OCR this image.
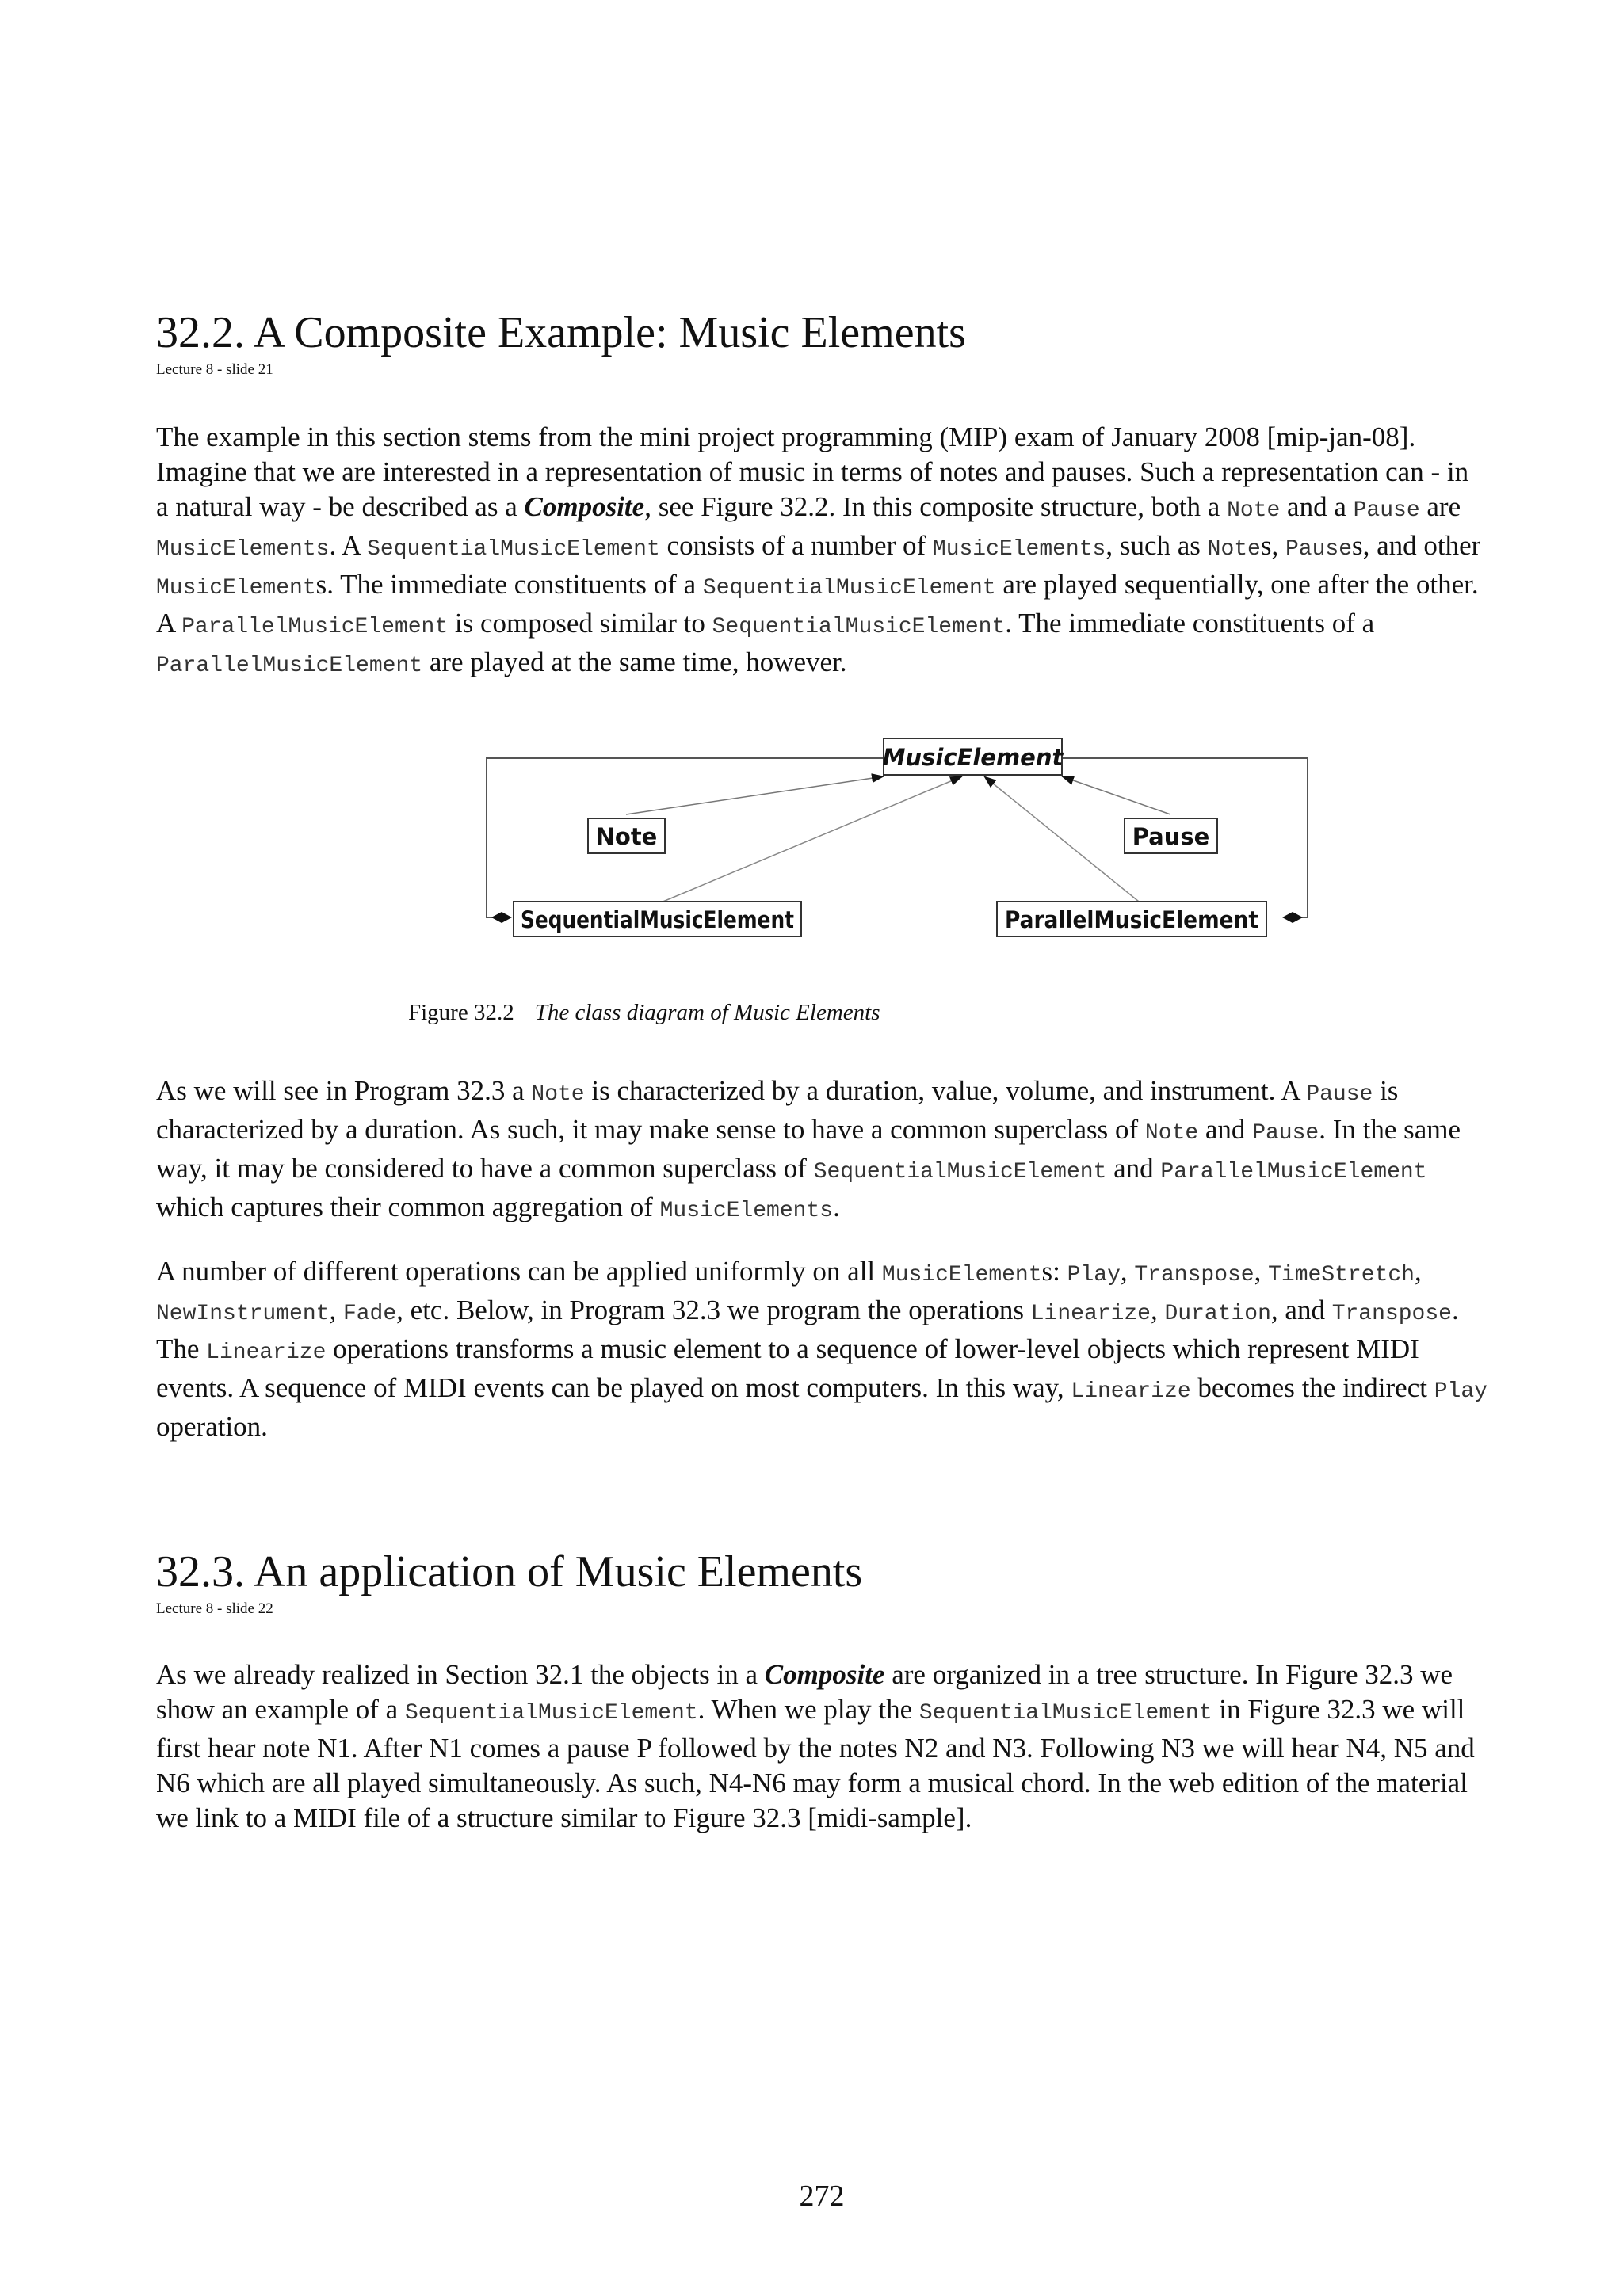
32.2. A Composite Example: Music Elements
Lecture 8 - slide 21

The example in this section stems from the mini project programming (MIP) exam of January 2008 [mip-jan-08]. Imagine that we are interested in a representation of music in terms of notes and pauses. Such a representation can - in a natural way - be described as a Composite, see Figure 32.2. In this composite structure, both a Note and a Pause are MusicElements. A SequentialMusicElement consists of a number of MusicElements, such as Notes, Pauses, and other MusicElements. The immediate constituents of a SequentialMusicElement are played sequentially, one after the other. A ParallelMusicElement is composed similar to SequentialMusicElement. The immediate constituents of a ParallelMusicElement are played at the same time, however.

MusicElement
Note	Pause
SequentialMusicElement	ParallelMusicElement
Figure 32.2 The class diagram of Music Elements

As we will see in Program 32.3 a Note is characterized by a duration, value, volume, and instrument. A Pause is characterized by a duration. As such, it may make sense to have a common superclass of Note and Pause. In the same way, it may be considered to have a common superclass of SequentialMusicElement and ParallelMusicElement which captures their common aggregation of MusicElements.

A number of different operations can be applied uniformly on all MusicElements: Play, Transpose, TimeStretch, NewInstrument, Fade, etc. Below, in Program 32.3 we program the operations Linearize, Duration, and Transpose. The Linearize operations transforms a music element to a sequence of lower-level objects which represent MIDI events. A sequence of MIDI events can be played on most computers. In this way, Linearize becomes the indirect Play operation.

32.3. An application of Music Elements
Lecture 8 - slide 22

As we already realized in Section 32.1 the objects in a Composite are organized in a tree structure. In Figure 32.3 we show an example of a SequentialMusicElement. When we play the SequentialMusicElement in Figure 32.3 we will first hear note N1. After N1 comes a pause P followed by the notes N2 and N3. Following N3 we will hear N4, N5 and N6 which are all played simultaneously. As such, N4-N6 may form a musical chord. In the web edition of the material we link to a MIDI file of a structure similar to Figure 32.3 [midi-sample].

272
